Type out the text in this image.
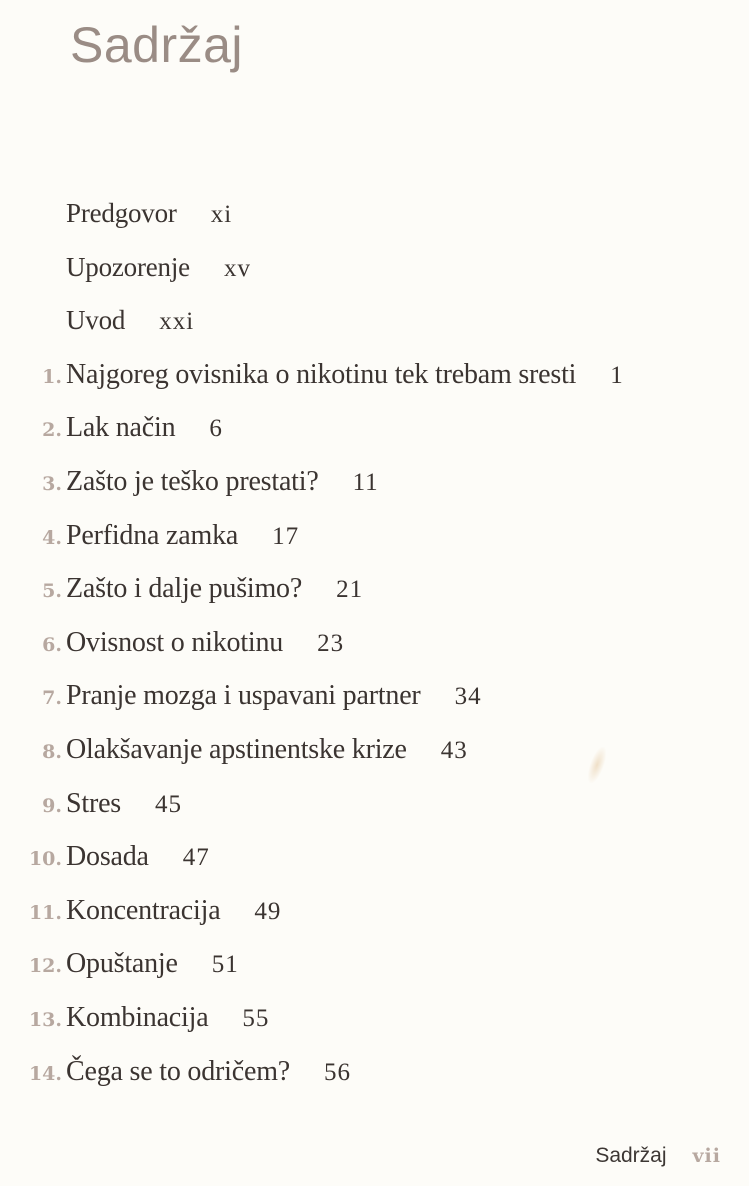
Sadržaj
Predgovor xi
Upozorenje xv
Uvod xxi
1. Najgoreg ovisnika o nikotinu tek trebam sresti 1
2. Lak način 6
3. Zašto je teško prestati? 11
4. Perfidna zamka 17
5. Zašto i dalje pušimo? 21
6. Ovisnost o nikotinu 23
7. Pranje mozga i uspavani partner 34
8. Olakšavanje apstinentske krize 43
9. Stres 45
10. Dosada 47
11. Koncentracija 49
12. Opuštanje 51
13. Kombinacija 55
14. Čega se to odričem? 56
Sadržaj vii
